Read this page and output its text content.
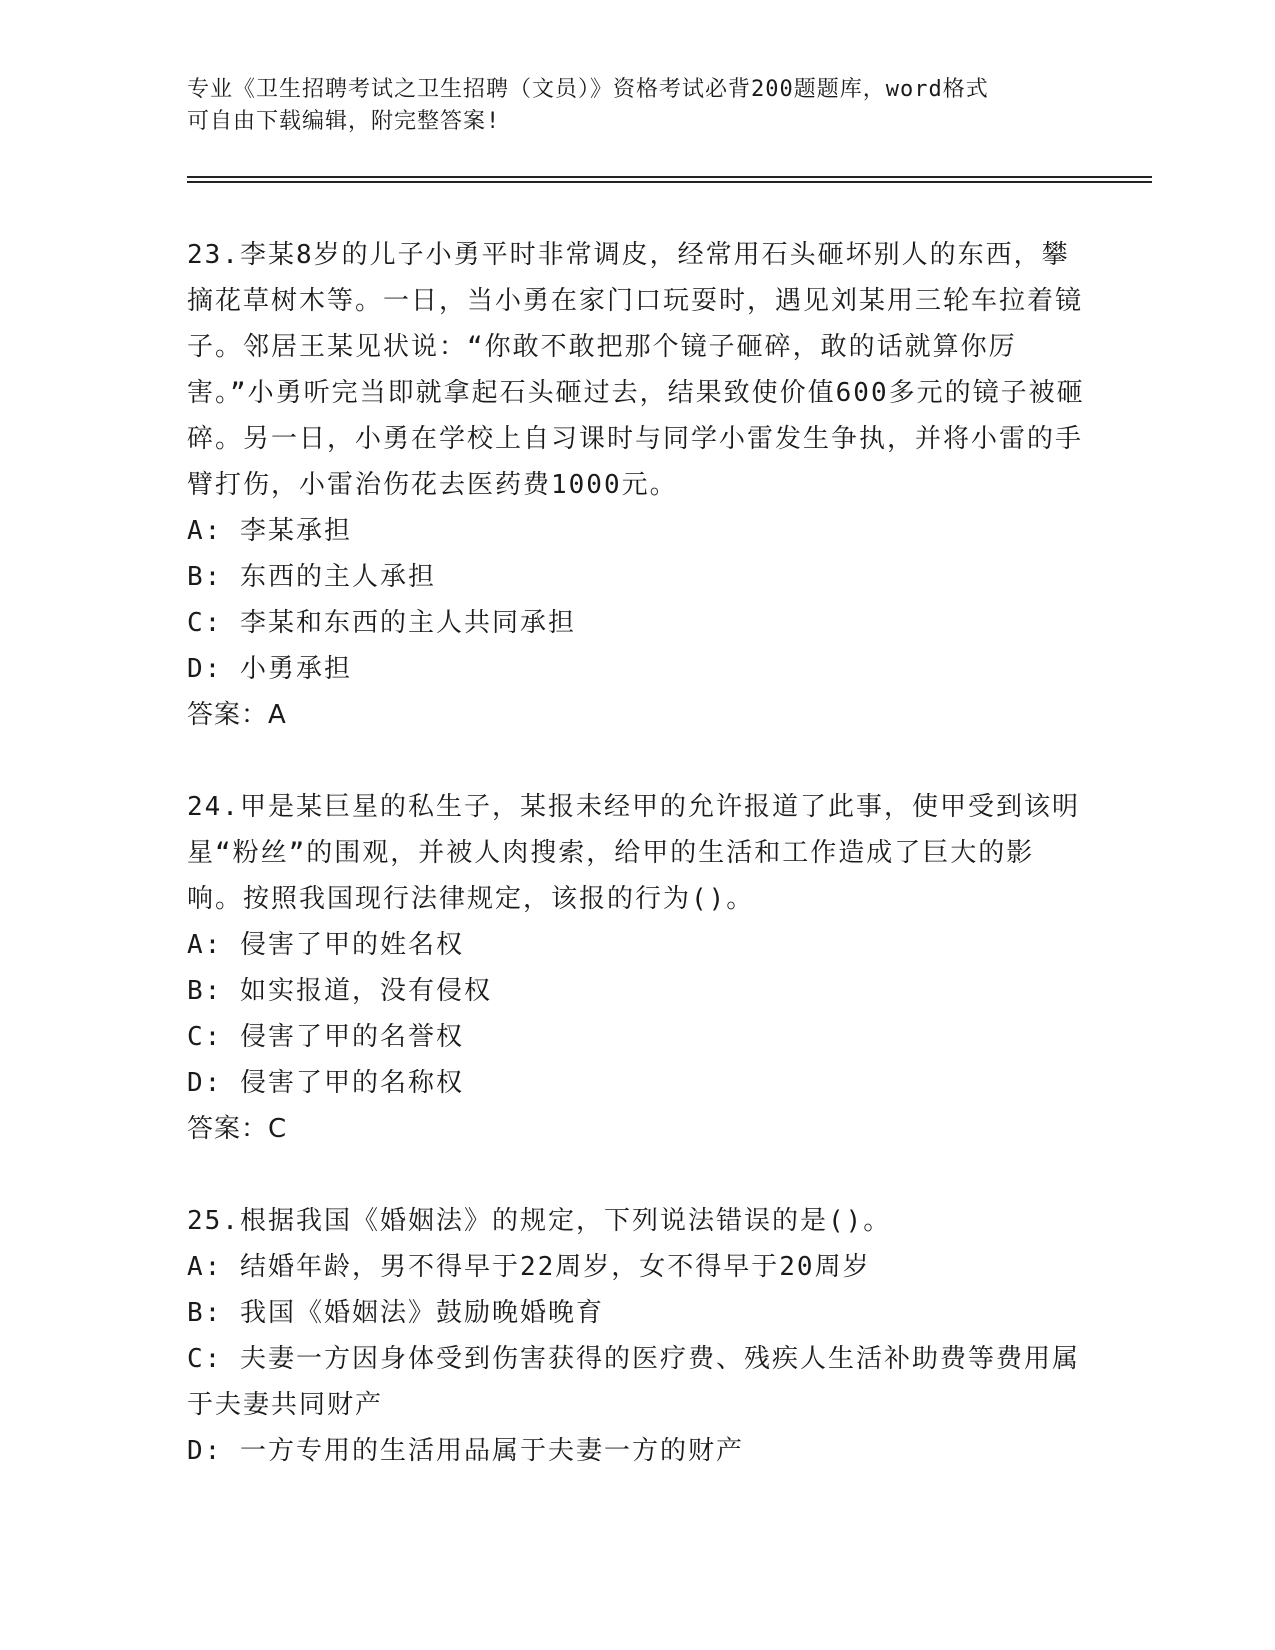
专业《卫生招聘考试之卫生招聘（文员）》资格考试必背200题题库，word格式
可自由下载编辑，附完整答案!

23.李某8岁的儿子小勇平时非常调皮，经常用石头砸坏别人的东西，攀摘花草树木等。一日，当小勇在家门口玩耍时，遇见刘某用三轮车拉着镜子。邻居王某见状说：“你敢不敢把那个镜子砸碎，敢的话就算你厉害。”小勇听完当即就拿起石头砸过去，结果致使价值600多元的镜子被砸碎。另一日，小勇在学校上自习课时与同学小雷发生争执，并将小雷的手臂打伤，小雷治伤花去医药费1000元。

A: 李某承担

B: 东西的主人承担

C: 李某和东西的主人共同承担

D: 小勇承担

答案：A

24.甲是某巨星的私生子，某报未经甲的允许报道了此事，使甲受到该明星“粉丝”的围观，并被人肉搜索，给甲的生活和工作造成了巨大的影响。按照我国现行法律规定，该报的行为()。

A: 侵害了甲的姓名权

B: 如实报道，没有侵权

C: 侵害了甲的名誉权

D: 侵害了甲的名称权

答案：C

25.根据我国《婚姻法》的规定，下列说法错误的是()。

A: 结婚年龄，男不得早于22周岁，女不得早于20周岁

B: 我国《婚姻法》鼓励晚婚晚育

C: 夫妻一方因身体受到伤害获得的医疗费、残疾人生活补助费等费用属于夫妻共同财产

D: 一方专用的生活用品属于夫妻一方的财产
